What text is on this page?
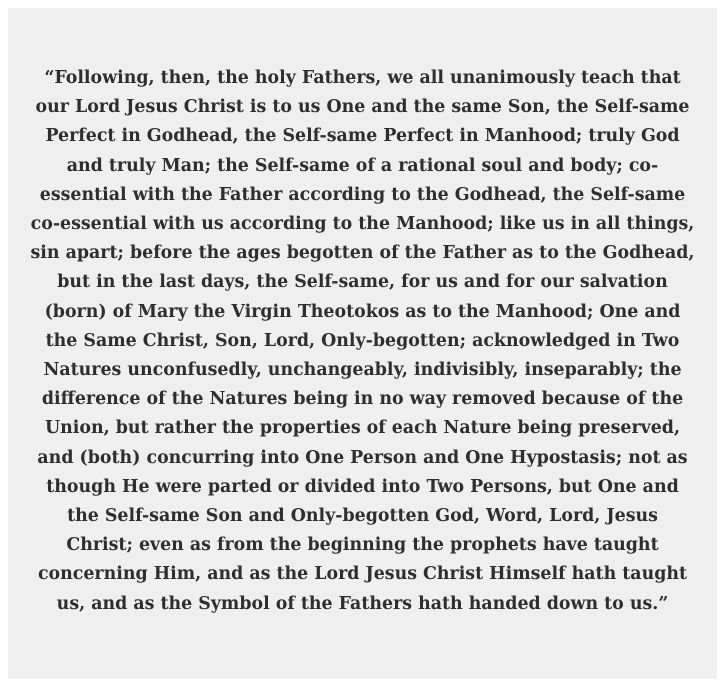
“Following, then, the holy Fathers, we all unanimously teach that
our Lord Jesus Christ is to us One and the same Son, the Self-same
Perfect in Godhead, the Self-same Perfect in Manhood; truly God
and truly Man; the Self-same of a rational soul and body; co-
essential with the Father according to the Godhead, the Self-same
co-essential with us according to the Manhood; like us in all things,
sin apart; before the ages begotten of the Father as to the Godhead,
but in the last days, the Self-same, for us and for our salvation
(born) of Mary the Virgin Theotokos as to the Manhood; One and
the Same Christ, Son, Lord, Only-begotten; acknowledged in Two
Natures unconfusedly, unchangeably, indivisibly, inseparably; the
difference of the Natures being in no way removed because of the
Union, but rather the properties of each Nature being preserved,
and (both) concurring into One Person and One Hypostasis; not as
though He were parted or divided into Two Persons, but One and
the Self-same Son and Only-begotten God, Word, Lord, Jesus
Christ; even as from the beginning the prophets have taught
concerning Him, and as the Lord Jesus Christ Himself hath taught
us, and as the Symbol of the Fathers hath handed down to us.”
